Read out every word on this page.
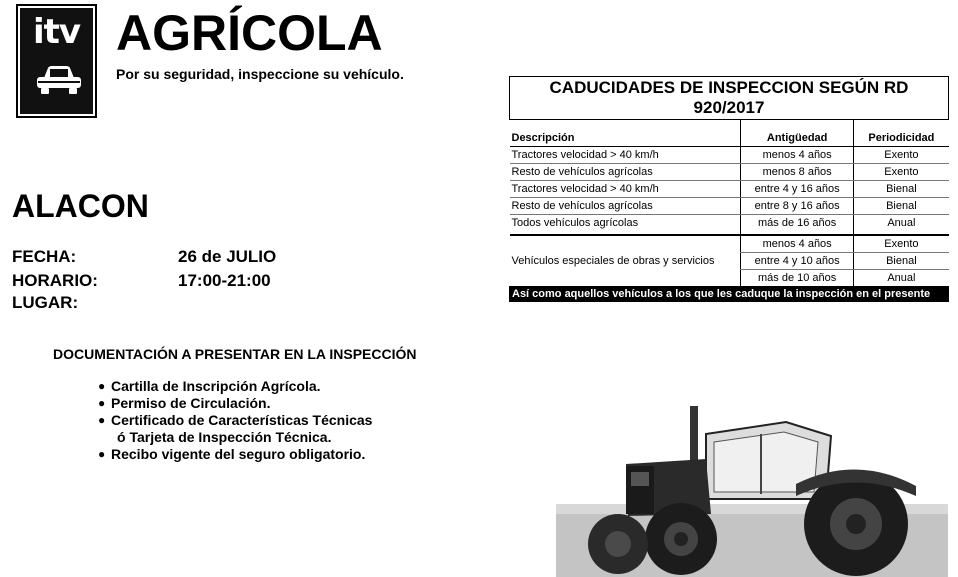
itv AGRÍCOLA
Por su seguridad, inspeccione su vehículo.
ALACON
FECHA:	26 de JULIO
HORARIO:	17:00-21:00
LUGAR:
DOCUMENTACIÓN A PRESENTAR EN LA INSPECCIÓN
● Cartilla de Inscripción Agrícola.
● Permiso de Circulación.
● Certificado de Características Técnicas
ó Tarjeta de Inspección Técnica.
● Recibo vigente del seguro obligatorio.
CADUCIDADES DE INSPECCION SEGÚN RD 920/2017		

Descripción	Antigüedad	Periodicidad
Tractores velocidad > 40 km/h	menos 4 años	Exento
Resto de vehículos agrícolas	menos 8 años	Exento
Tractores velocidad > 40 km/h	entre 4 y 16 años	Bienal
Resto de vehículos agrícolas	entre 8 y 16 años	Bienal
Todos vehículos agrícolas	más de 16 años	Anual

Vehículos especiales de obras y servicios	menos 4 años	Exento
	entre 4 y 10 años	Bienal
	más de 10 años	Anual
Así como aquellos vehículos a los que les caduque la inspección en el presente año
